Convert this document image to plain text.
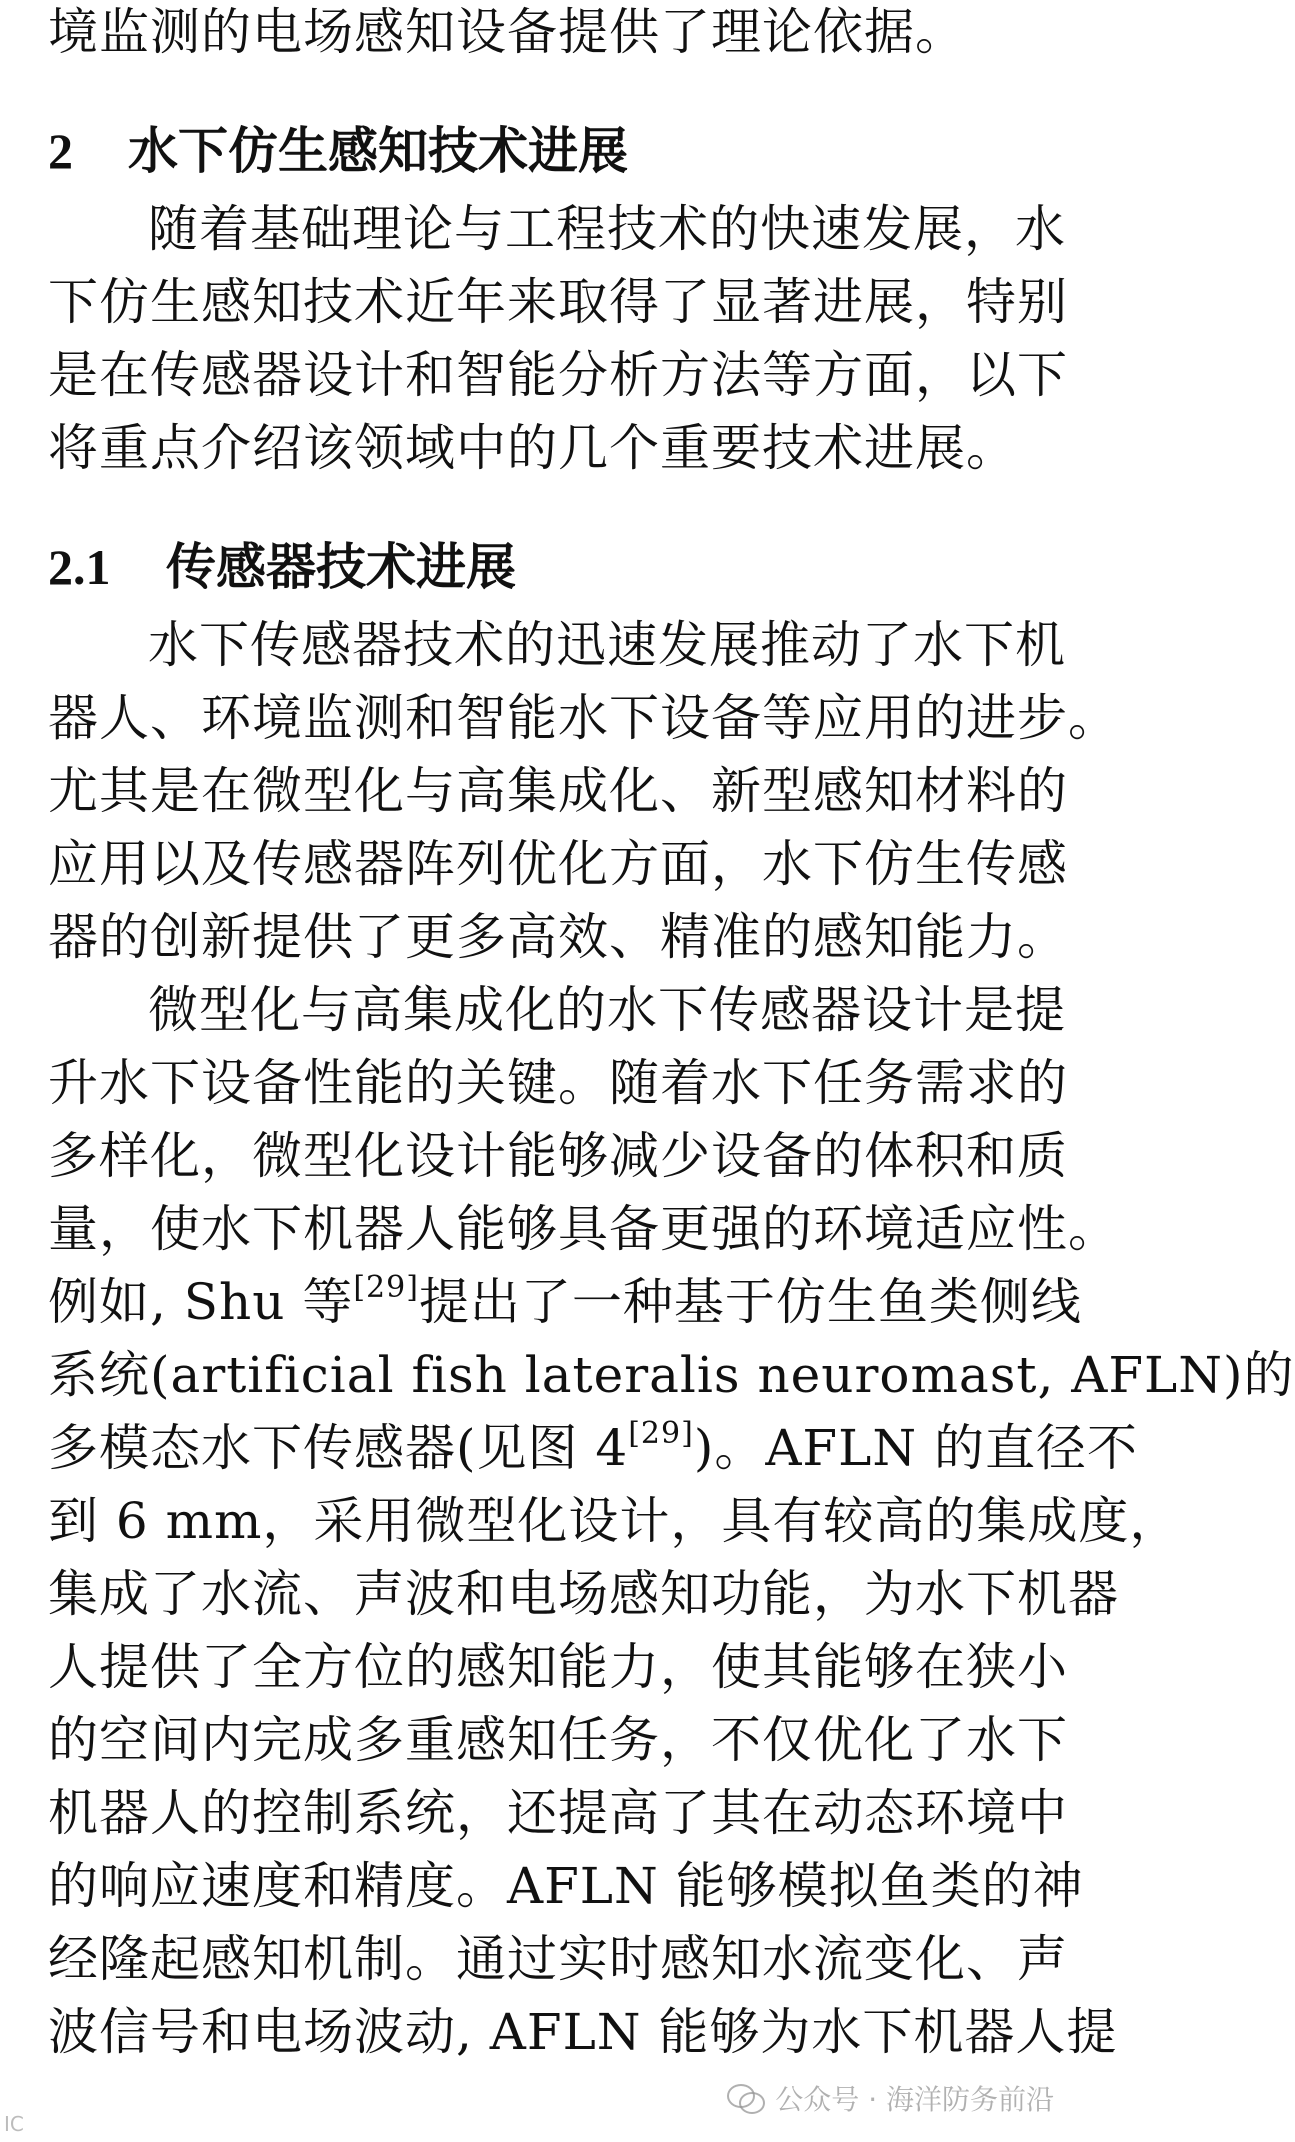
境监测的电场感知设备提供了理论依据。
2 水下仿生感知技术进展
随着基础理论与工程技术的快速发展，水
下仿生感知技术近年来取得了显著进展，特别
是在传感器设计和智能分析方法等方面，以下
将重点介绍该领域中的几个重要技术进展。
2.1 传感器技术进展
水下传感器技术的迅速发展推动了水下机
器人、环境监测和智能水下设备等应用的进步。
尤其是在微型化与高集成化、新型感知材料的
应用以及传感器阵列优化方面，水下仿生传感
器的创新提供了更多高效、精准的感知能力。
微型化与高集成化的水下传感器设计是提
升水下设备性能的关键。随着水下任务需求的
多样化，微型化设计能够减少设备的体积和质
量，使水下机器人能够具备更强的环境适应性。
例如, Shu 等[29]提出了一种基于仿生鱼类侧线
系统(artificial fish lateralis neuromast, AFLN)的
多模态水下传感器(见图 4[29])。AFLN 的直径不
到 6 mm，采用微型化设计，具有较高的集成度，
集成了水流、声波和电场感知功能，为水下机器
人提供了全方位的感知能力，使其能够在狭小
的空间内完成多重感知任务，不仅优化了水下
机器人的控制系统，还提高了其在动态环境中
的响应速度和精度。AFLN 能够模拟鱼类的神
经隆起感知机制。通过实时感知水流变化、声
波信号和电场波动, AFLN 能够为水下机器人提
公众号 · 海洋防务前沿
IC
